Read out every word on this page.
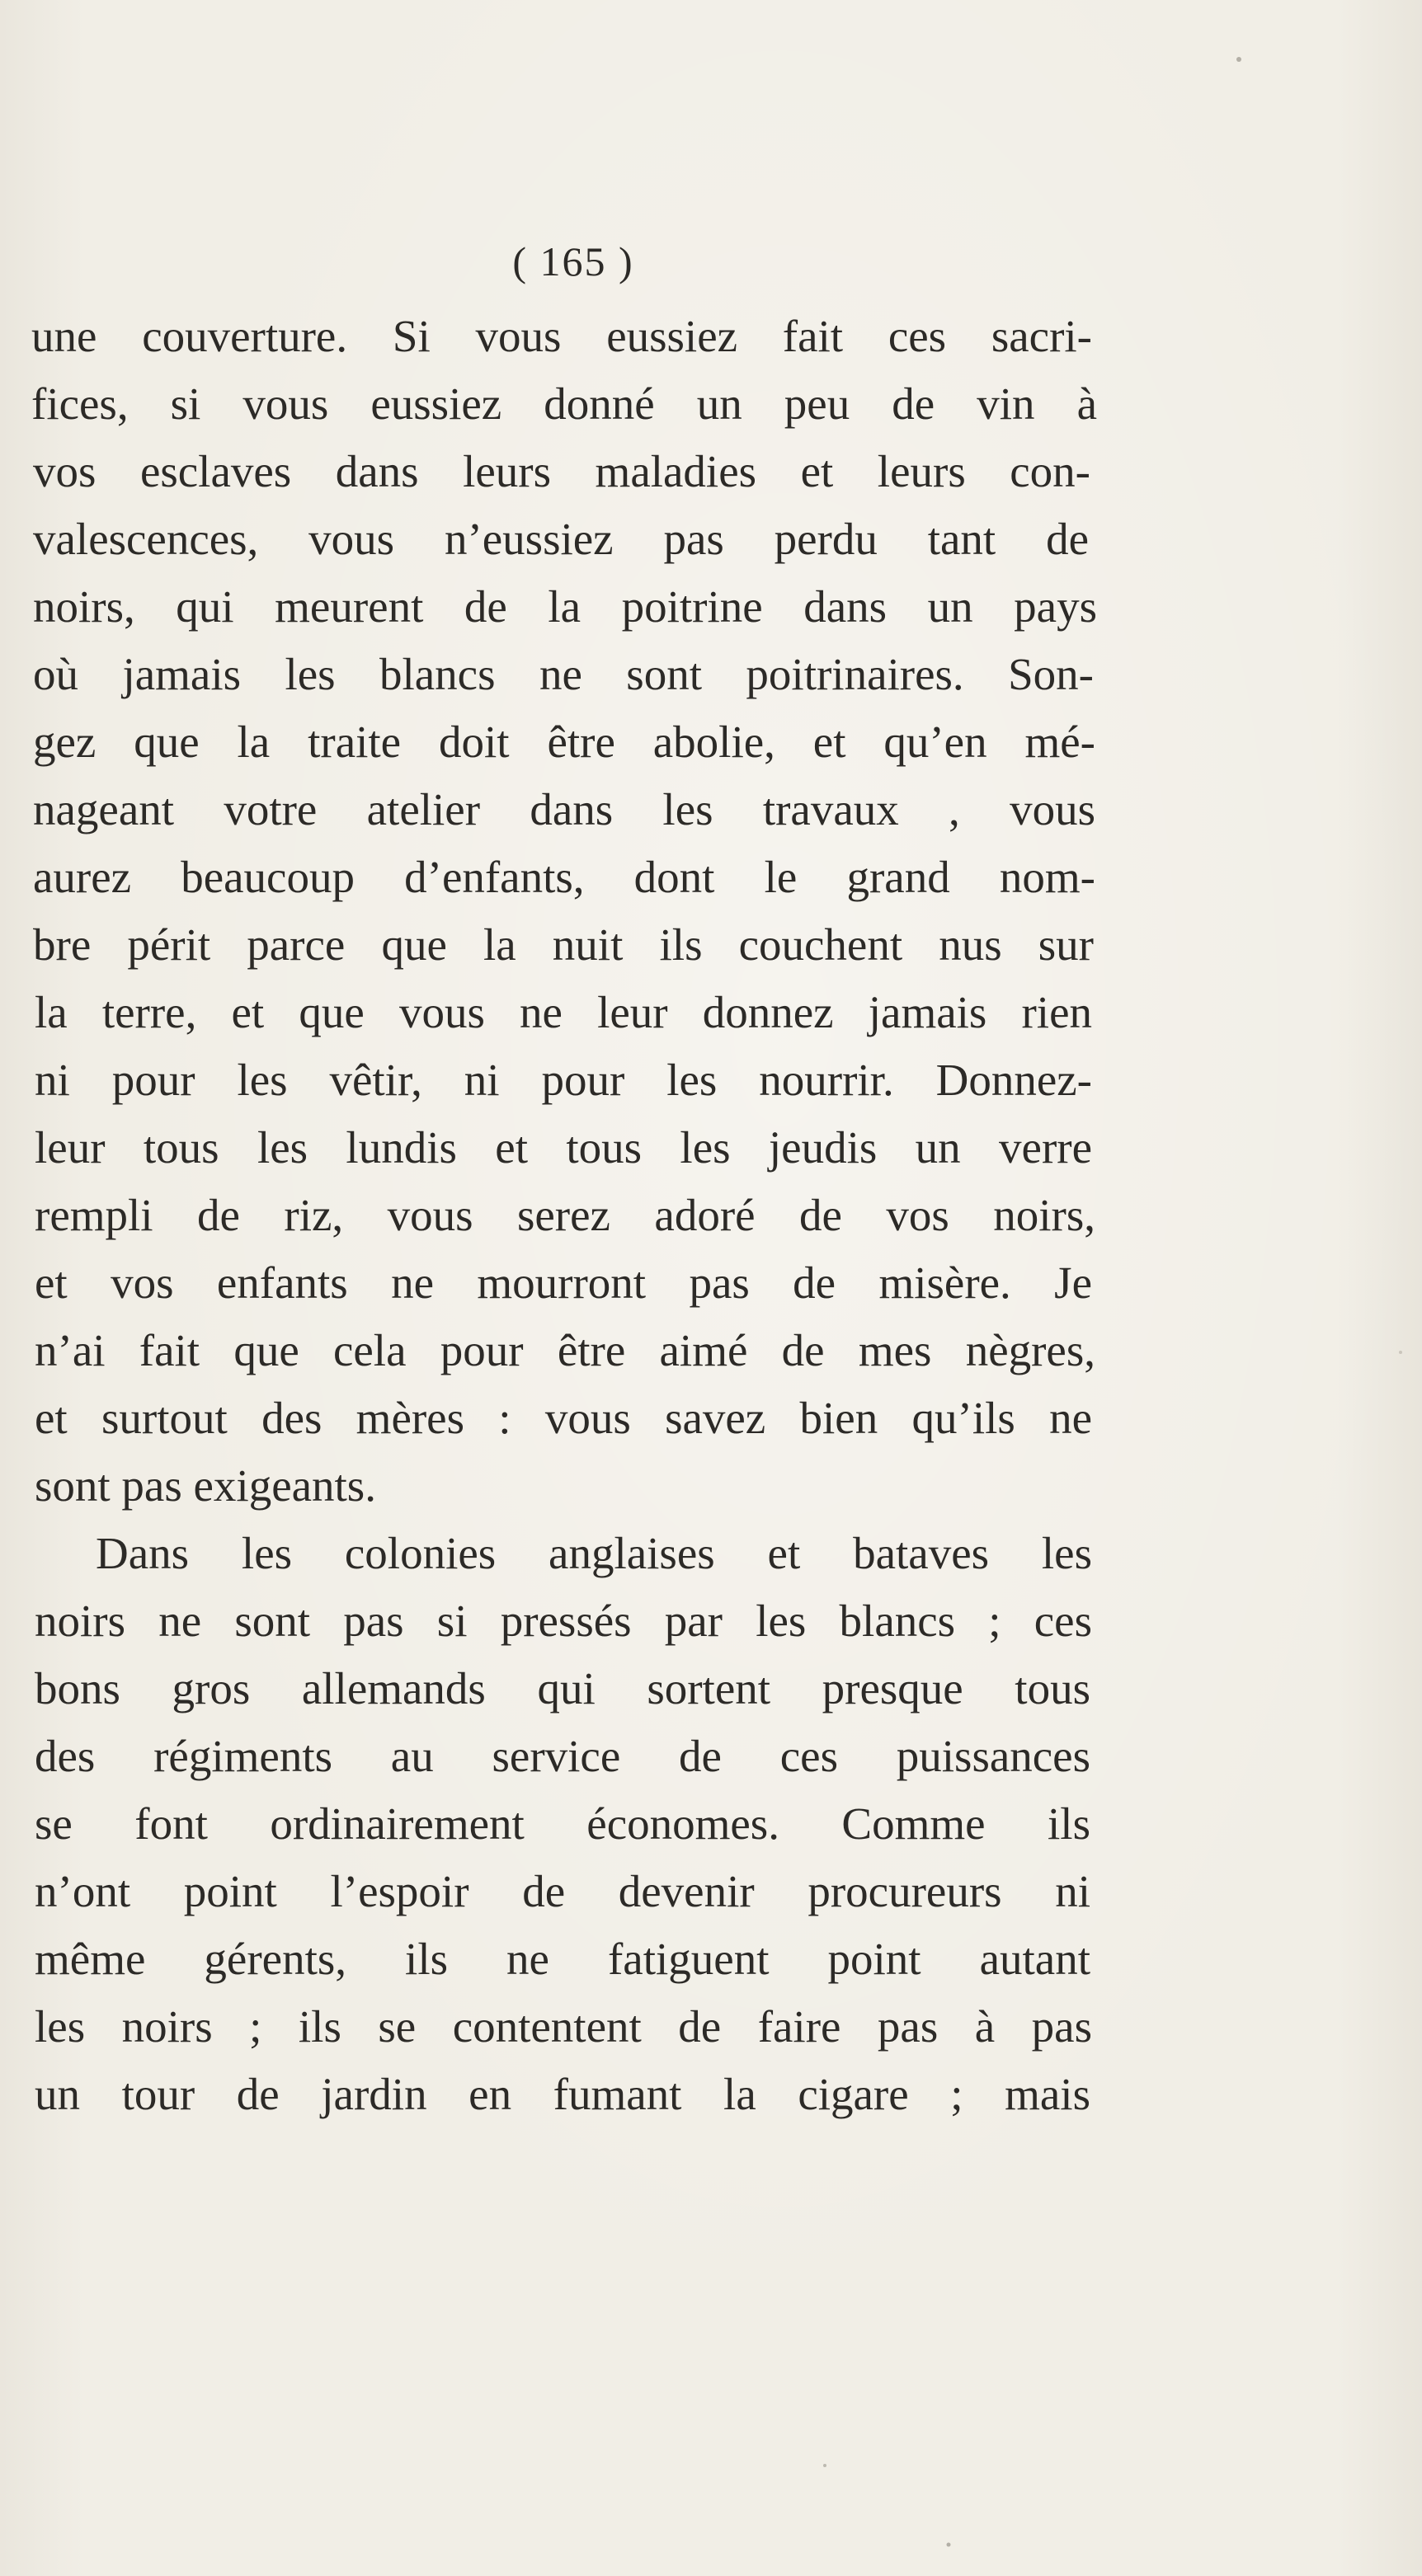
( 165 )
une couverture. Si vous eussiez fait ces sacri-
fices, si vous eussiez donné un peu de vin à
vos esclaves dans leurs maladies et leurs con-
valescences, vous n’eussiez pas perdu tant de
noirs, qui meurent de la poitrine dans un pays
où jamais les blancs ne sont poitrinaires. Son-
gez que la traite doit être abolie, et qu’en mé-
nageant votre atelier dans les travaux , vous
aurez beaucoup d’enfants, dont le grand nom-
bre périt parce que la nuit ils couchent nus sur
la terre, et que vous ne leur donnez jamais rien
ni pour les vêtir, ni pour les nourrir. Donnez-
leur tous les lundis et tous les jeudis un verre
rempli de riz, vous serez adoré de vos noirs,
et vos enfants ne mourront pas de misère. Je
n’ai fait que cela pour être aimé de mes nègres,
et surtout des mères : vous savez bien qu’ils ne
sont pas exigeants.
Dans les colonies anglaises et bataves les
noirs ne sont pas si pressés par les blancs ; ces
bons gros allemands qui sortent presque tous
des régiments au service de ces puissances
se font ordinairement économes. Comme ils
n’ont point l’espoir de devenir procureurs ni
même gérents, ils ne fatiguent point autant
les noirs ; ils se contentent de faire pas à pas
un tour de jardin en fumant la cigare ; mais
